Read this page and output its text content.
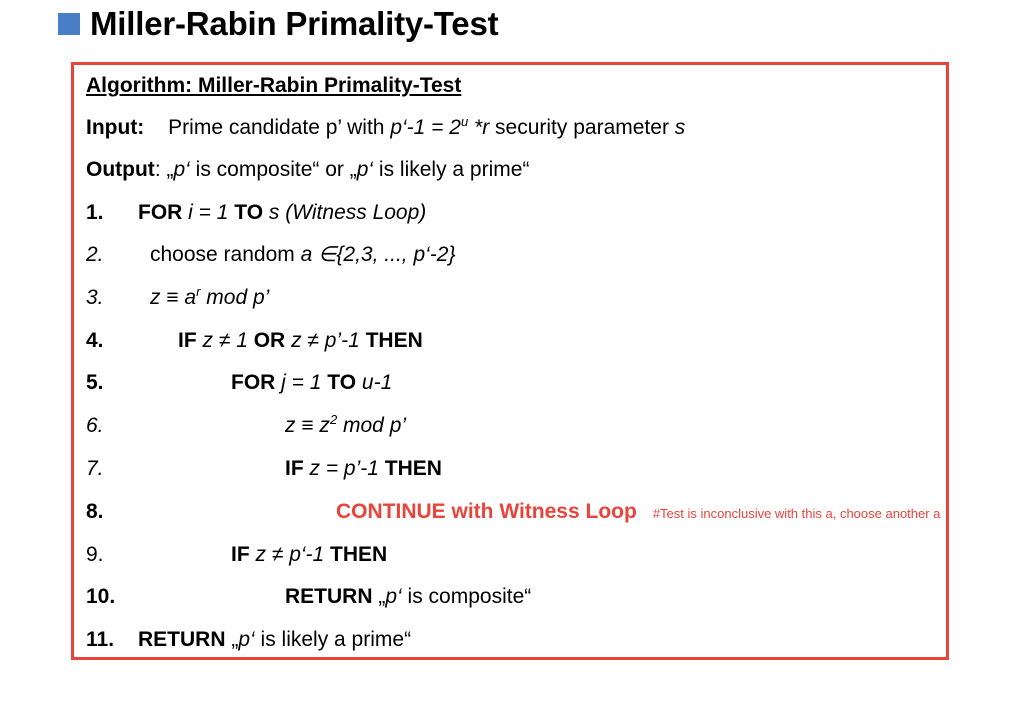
Miller-Rabin Primality-Test
Algorithm: Miller-Rabin Primality-Test
Input: Prime candidate p’ with p‘-1 = $2^u$ *r security parameter s
Output: „p‘ is composite“ or „p‘ is likely a prime“
1.
2.
3.
4.
5.
6.
7.
8.
9.
10.
11.
FOR i = 1 TO s (Witness Loop)
choose random a ∈{2,3, ..., p‘-2}
$z \equiv a^r$ mod p’
IF z ≠ 1 OR z ≠ p’-1 THEN
FOR j = 1 TO u-1
$z \equiv z^2$ mod p’
IF z = p’-1 THEN
CONTINUE with Witness Loop #Test is inconclusive with this a, choose another a
IF z ≠ p‘-1 THEN
RETURN „p‘ is composite“
RETURN „p‘ is likely a prime“
